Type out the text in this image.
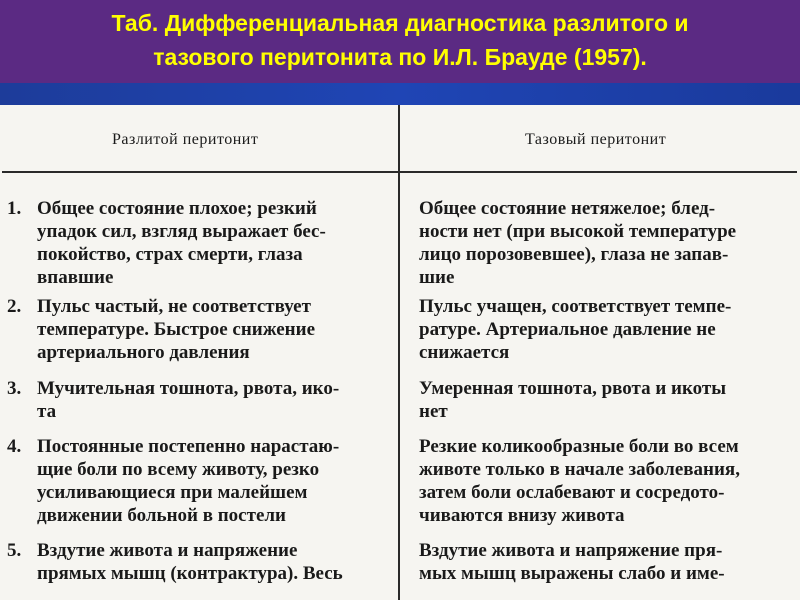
Таб. Дифференциальная диагностика разлитого и
тазового перитонита по И.Л. Брауде (1957).
Разлитой перитонит	Тазовый перитонит
1. Общее состояние плохое; резкий
упадок сил, взгляд выражает бес-
покойство, страх смерти, глаза
впавшие
Общее состояние нетяжелое; блед-
ности нет (при высокой температуре
лицо порозовевшее), глаза не запав-
шие
2. Пульс частый, не соответствует
температуре. Быстрое снижение
артериального давления
Пульс учащен, соответствует темпе-
ратуре. Артериальное давление не
снижается
3. Мучительная тошнота, рвота, ико-
та
Умеренная тошнота, рвота и икоты
нет
4. Постоянные постепенно нарастаю-
щие боли по всему животу, резко
усиливающиеся при малейшем
движении больной в постели
Резкие коликообразные боли во всем
животе только в начале заболевания,
затем боли ослабевают и сосредото-
чиваются внизу живота
5. Вздутие живота и напряжение
прямых мышц (контрактура). Весь
Вздутие живота и напряжение пря-
мых мышц выражены слабо и име-
